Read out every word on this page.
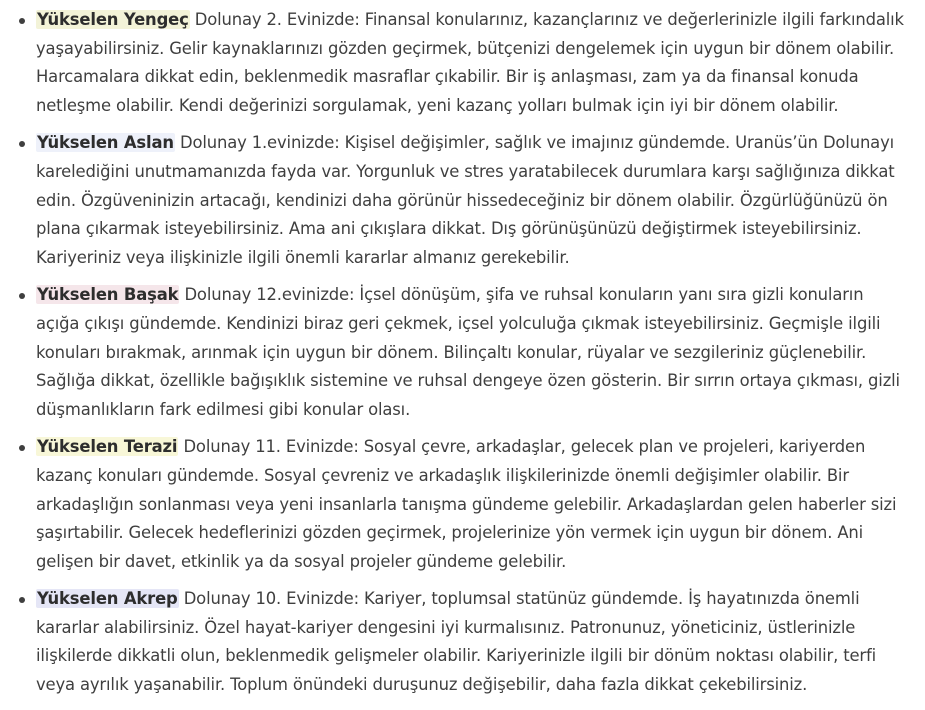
Yükselen Yengeç Dolunay 2. Evinizde: Finansal konularınız, kazançlarınız ve değerlerinizle ilgili farkındalık yaşayabilirsiniz. Gelir kaynaklarınızı gözden geçirmek, bütçenizi dengelemek için uygun bir dönem olabilir. Harcamalara dikkat edin, beklenmedik masraflar çıkabilir. Bir iş anlaşması, zam ya da finansal konuda netleşme olabilir. Kendi değerinizi sorgulamak, yeni kazanç yolları bulmak için iyi bir dönem olabilir.
Yükselen Aslan Dolunay 1.evinizde: Kişisel değişimler, sağlık ve imajınız gündemde. Uranüs’ün Dolunayı karelediğini unutmamanızda fayda var. Yorgunluk ve stres yaratabilecek durumlara karşı sağlığınıza dikkat edin. Özgüveninizin artacağı, kendinizi daha görünür hissedeceğiniz bir dönem olabilir. Özgürlüğünüzü ön plana çıkarmak isteyebilirsiniz. Ama ani çıkışlara dikkat. Dış görünüşünüzü değiştirmek isteyebilirsiniz. Kariyeriniz veya ilişkinizle ilgili önemli kararlar almanız gerekebilir.
Yükselen Başak Dolunay 12.evinizde: İçsel dönüşüm, şifa ve ruhsal konuların yanı sıra gizli konuların açığa çıkışı gündemde. Kendinizi biraz geri çekmek, içsel yolculuğa çıkmak isteyebilirsiniz. Geçmişle ilgili konuları bırakmak, arınmak için uygun bir dönem. Bilinçaltı konular, rüyalar ve sezgileriniz güçlenebilir. Sağlığa dikkat, özellikle bağışıklık sistemine ve ruhsal dengeye özen gösterin. Bir sırrın ortaya çıkması, gizli düşmanlıkların fark edilmesi gibi konular olası.
Yükselen Terazi Dolunay 11. Evinizde: Sosyal çevre, arkadaşlar, gelecek plan ve projeleri, kariyerden kazanç konuları gündemde. Sosyal çevreniz ve arkadaşlık ilişkilerinizde önemli değişimler olabilir. Bir arkadaşlığın sonlanması veya yeni insanlarla tanışma gündeme gelebilir. Arkadaşlardan gelen haberler sizi şaşırtabilir. Gelecek hedeflerinizi gözden geçirmek, projelerinize yön vermek için uygun bir dönem. Ani gelişen bir davet, etkinlik ya da sosyal projeler gündeme gelebilir.
Yükselen Akrep Dolunay 10. Evinizde: Kariyer, toplumsal statünüz gündemde. İş hayatınızda önemli kararlar alabilirsiniz. Özel hayat-kariyer dengesini iyi kurmalısınız. Patronunuz, yöneticiniz, üstlerinizle ilişkilerde dikkatli olun, beklenmedik gelişmeler olabilir. Kariyerinizle ilgili bir dönüm noktası olabilir, terfi veya ayrılık yaşanabilir. Toplum önündeki duruşunuz değişebilir, daha fazla dikkat çekebilirsiniz.
